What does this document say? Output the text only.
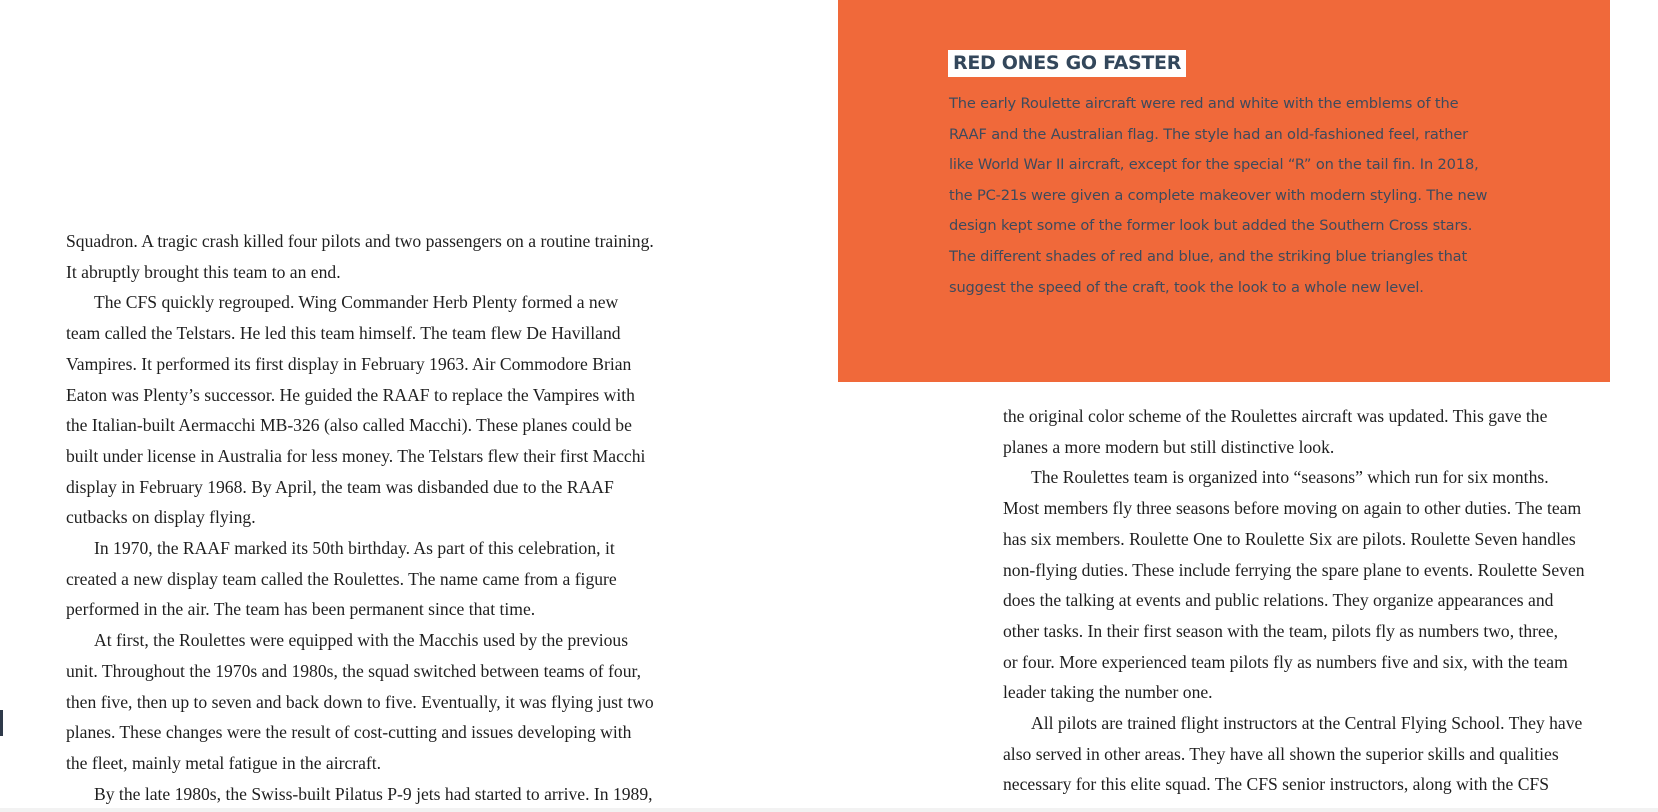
Squadron. A tragic crash killed four pilots and two passengers on a routine training.
It abruptly brought this team to an end.
The CFS quickly regrouped. Wing Commander Herb Plenty formed a new
team called the Telstars. He led this team himself. The team flew De Havilland
Vampires. It performed its first display in February 1963. Air Commodore Brian
Eaton was Plenty’s successor. He guided the RAAF to replace the Vampires with
the Italian-built Aermacchi MB-326 (also called Macchi). These planes could be
built under license in Australia for less money. The Telstars flew their first Macchi
display in February 1968. By April, the team was disbanded due to the RAAF
cutbacks on display flying.
In 1970, the RAAF marked its 50th birthday. As part of this celebration, it
created a new display team called the Roulettes. The name came from a figure
performed in the air. The team has been permanent since that time.
At first, the Roulettes were equipped with the Macchis used by the previous
unit. Throughout the 1970s and 1980s, the squad switched between teams of four,
then five, then up to seven and back down to five. Eventually, it was flying just two
planes. These changes were the result of cost-cutting and issues developing with
the fleet, mainly metal fatigue in the aircraft.
By the late 1980s, the Swiss-built Pilatus P-9 jets had started to arrive. In 1989,
RED ONES GO FASTER
The early Roulette aircraft were red and white with the emblems of the
RAAF and the Australian flag. The style had an old-fashioned feel, rather
like World War II aircraft, except for the special “R” on the tail fin. In 2018,
the PC-21s were given a complete makeover with modern styling. The new
design kept some of the former look but added the Southern Cross stars.
The different shades of red and blue, and the striking blue triangles that
suggest the speed of the craft, took the look to a whole new level.
the original color scheme of the Roulettes aircraft was updated. This gave the
planes a more modern but still distinctive look.
The Roulettes team is organized into “seasons” which run for six months.
Most members fly three seasons before moving on again to other duties. The team
has six members. Roulette One to Roulette Six are pilots. Roulette Seven handles
non-flying duties. These include ferrying the spare plane to events. Roulette Seven
does the talking at events and public relations. They organize appearances and
other tasks. In their first season with the team, pilots fly as numbers two, three,
or four. More experienced team pilots fly as numbers five and six, with the team
leader taking the number one.
All pilots are trained flight instructors at the Central Flying School. They have
also served in other areas. They have all shown the superior skills and qualities
necessary for this elite squad. The CFS senior instructors, along with the CFS
